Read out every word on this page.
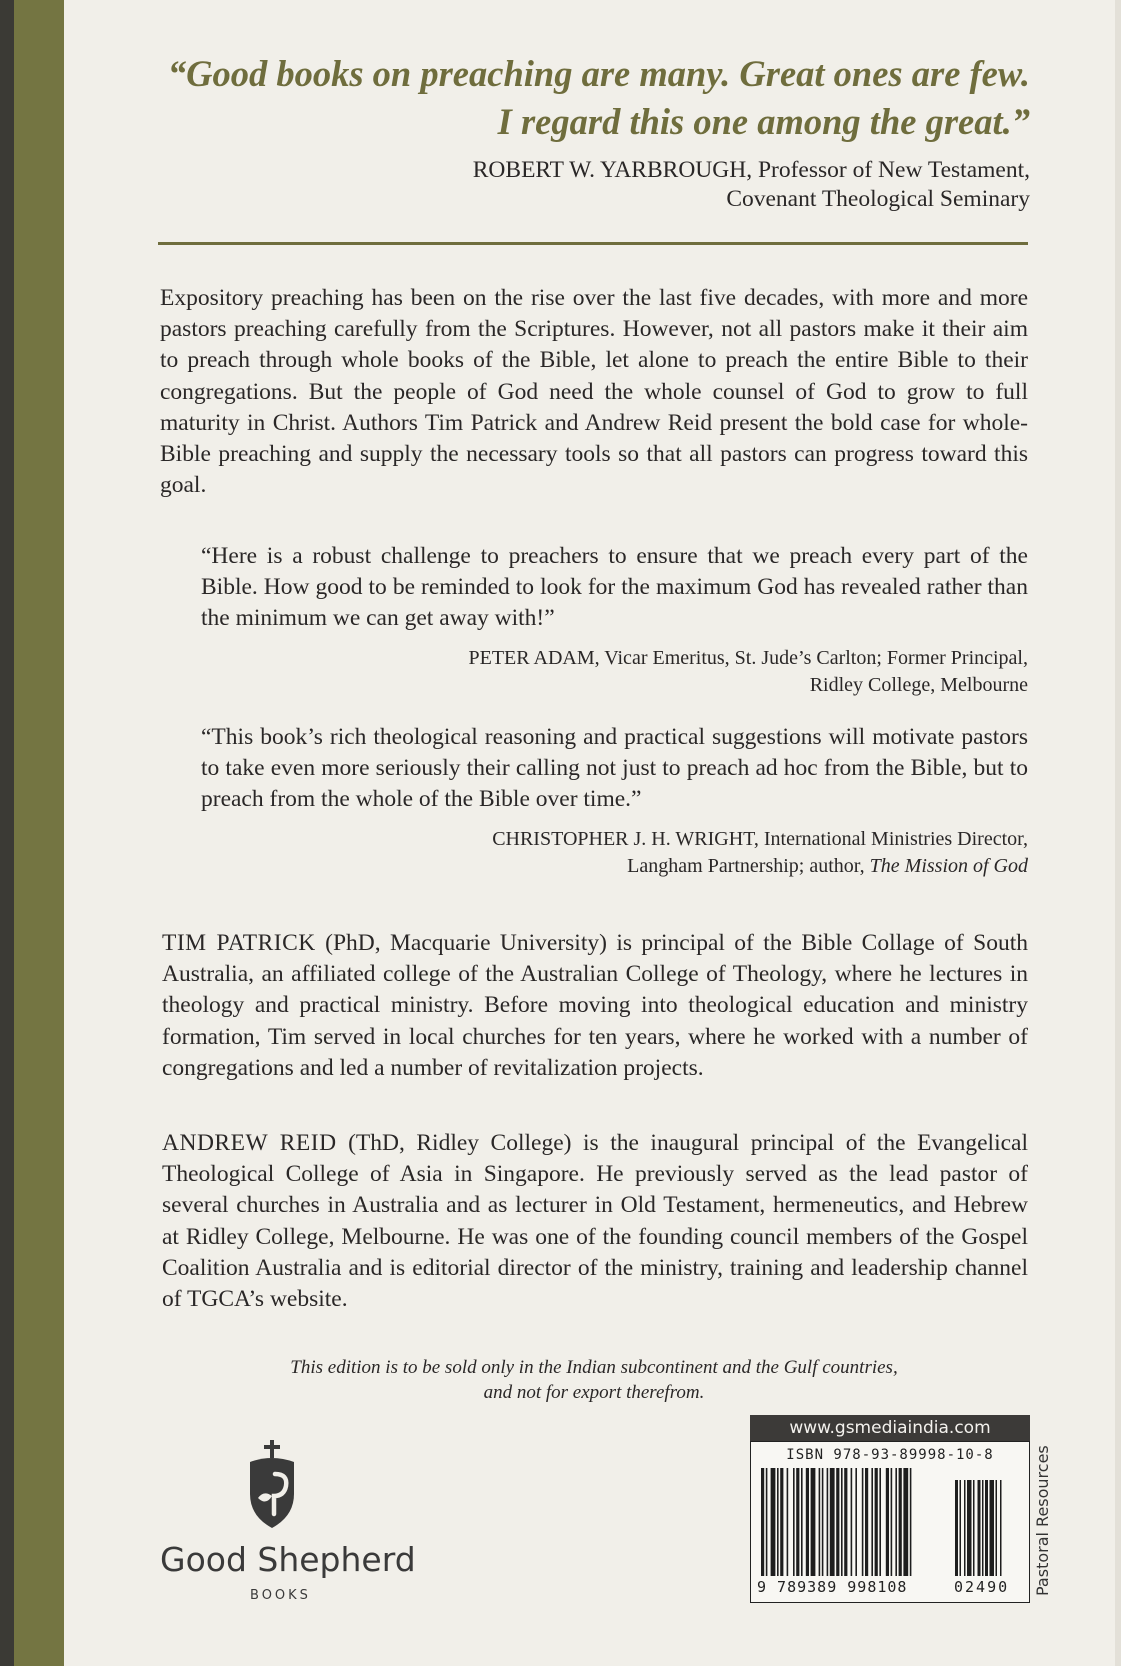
“Good books on preaching are many. Great ones are few.
I regard this one among the great.”
ROBERT W. YARBROUGH, Professor of New Testament,
Covenant Theological Seminary
Expository preaching has been on the rise over the last five decades, with more and more pastors preaching carefully from the Scriptures. However, not all pastors make it their aim to preach through whole books of the Bible, let alone to preach the entire Bible to their congregations. But the people of God need the whole counsel of God to grow to full maturity in Christ. Authors Tim Patrick and Andrew Reid present the bold case for whole-Bible preaching and supply the necessary tools so that all pastors can progress toward this goal.
“Here is a robust challenge to preachers to ensure that we preach every part of the Bible. How good to be reminded to look for the maximum God has revealed rather than the minimum we can get away with!”
PETER ADAM, Vicar Emeritus, St. Jude’s Carlton; Former Principal,
Ridley College, Melbourne
“This book’s rich theological reasoning and practical suggestions will motivate pastors to take even more seriously their calling not just to preach ad hoc from the Bible, but to preach from the whole of the Bible over time.”
CHRISTOPHER J. H. WRIGHT, International Ministries Director,
Langham Partnership; author, The Mission of God
TIM PATRICK (PhD, Macquarie University) is principal of the Bible Collage of South Australia, an affiliated college of the Australian College of Theology, where he lectures in theology and practical ministry. Before moving into theological education and ministry formation, Tim served in local churches for ten years, where he worked with a number of congregations and led a number of revitalization projects.
ANDREW REID (ThD, Ridley College) is the inaugural principal of the Evangelical Theological College of Asia in Singapore. He previously served as the lead pastor of several churches in Australia and as lecturer in Old Testament, hermeneutics, and Hebrew at Ridley College, Melbourne. He was one of the founding council members of the Gospel Coalition Australia and is editorial director of the ministry, training and leadership channel of TGCA’s website.
This edition is to be sold only in the Indian subcontinent and the Gulf countries,
and not for export therefrom.
Good Shepherd
BOOKS
www.gsmediaindia.com
ISBN 978-93-89998-10-8
9 789389 998108	02490 Pastoral Resources
